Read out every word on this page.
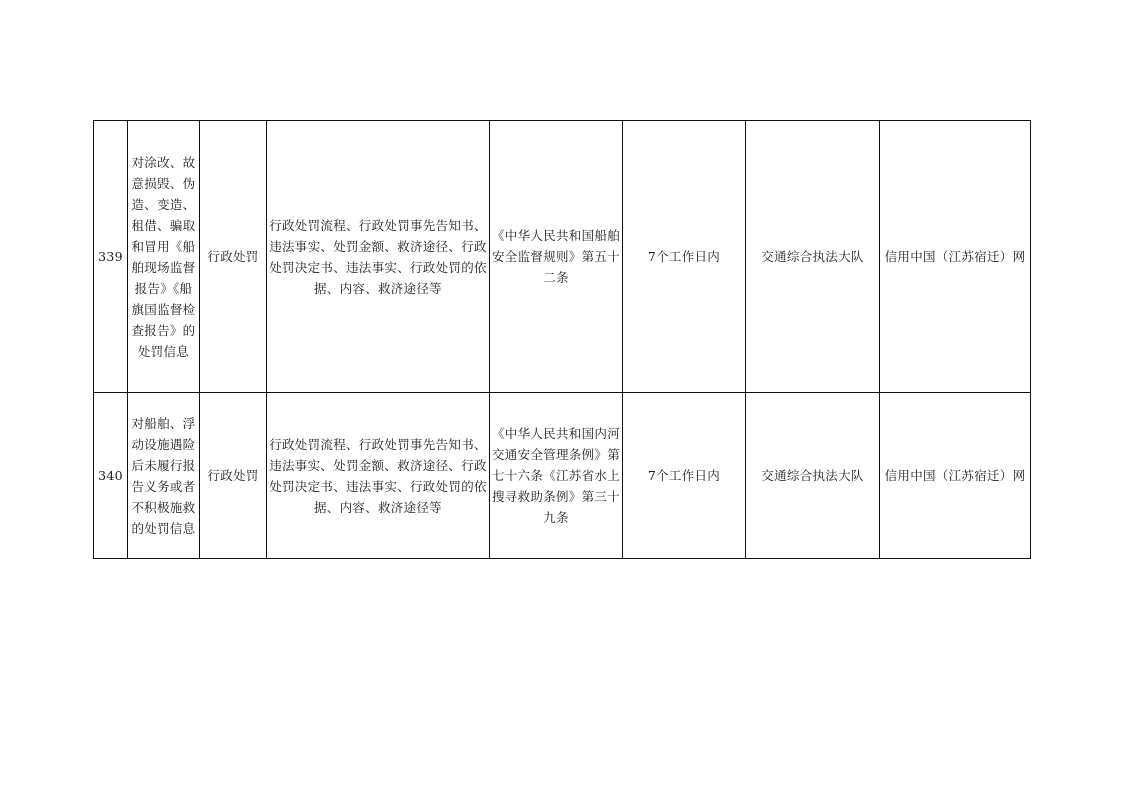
339	对涂改、故意损毁、伪造、变造、租借、骗取和冒用《船舶现场监督报告》《船旗国监督检查报告》的处罚信息	行政处罚	行政处罚流程、行政处罚事先告知书、违法事实、处罚金额、救济途径、行政处罚决定书、违法事实、行政处罚的依据、内容、救济途径等	《中华人民共和国船舶安全监督规则》第五十二条	7个工作日内	交通综合执法大队	信用中国（江苏宿迁）网
340	对船舶、浮动设施遇险后未履行报告义务或者不积极施救的处罚信息	行政处罚	行政处罚流程、行政处罚事先告知书、违法事实、处罚金额、救济途径、行政处罚决定书、违法事实、行政处罚的依据、内容、救济途径等	《中华人民共和国内河交通安全管理条例》第七十六条《江苏省水上搜寻救助条例》第三十九条	7个工作日内	交通综合执法大队	信用中国（江苏宿迁）网
